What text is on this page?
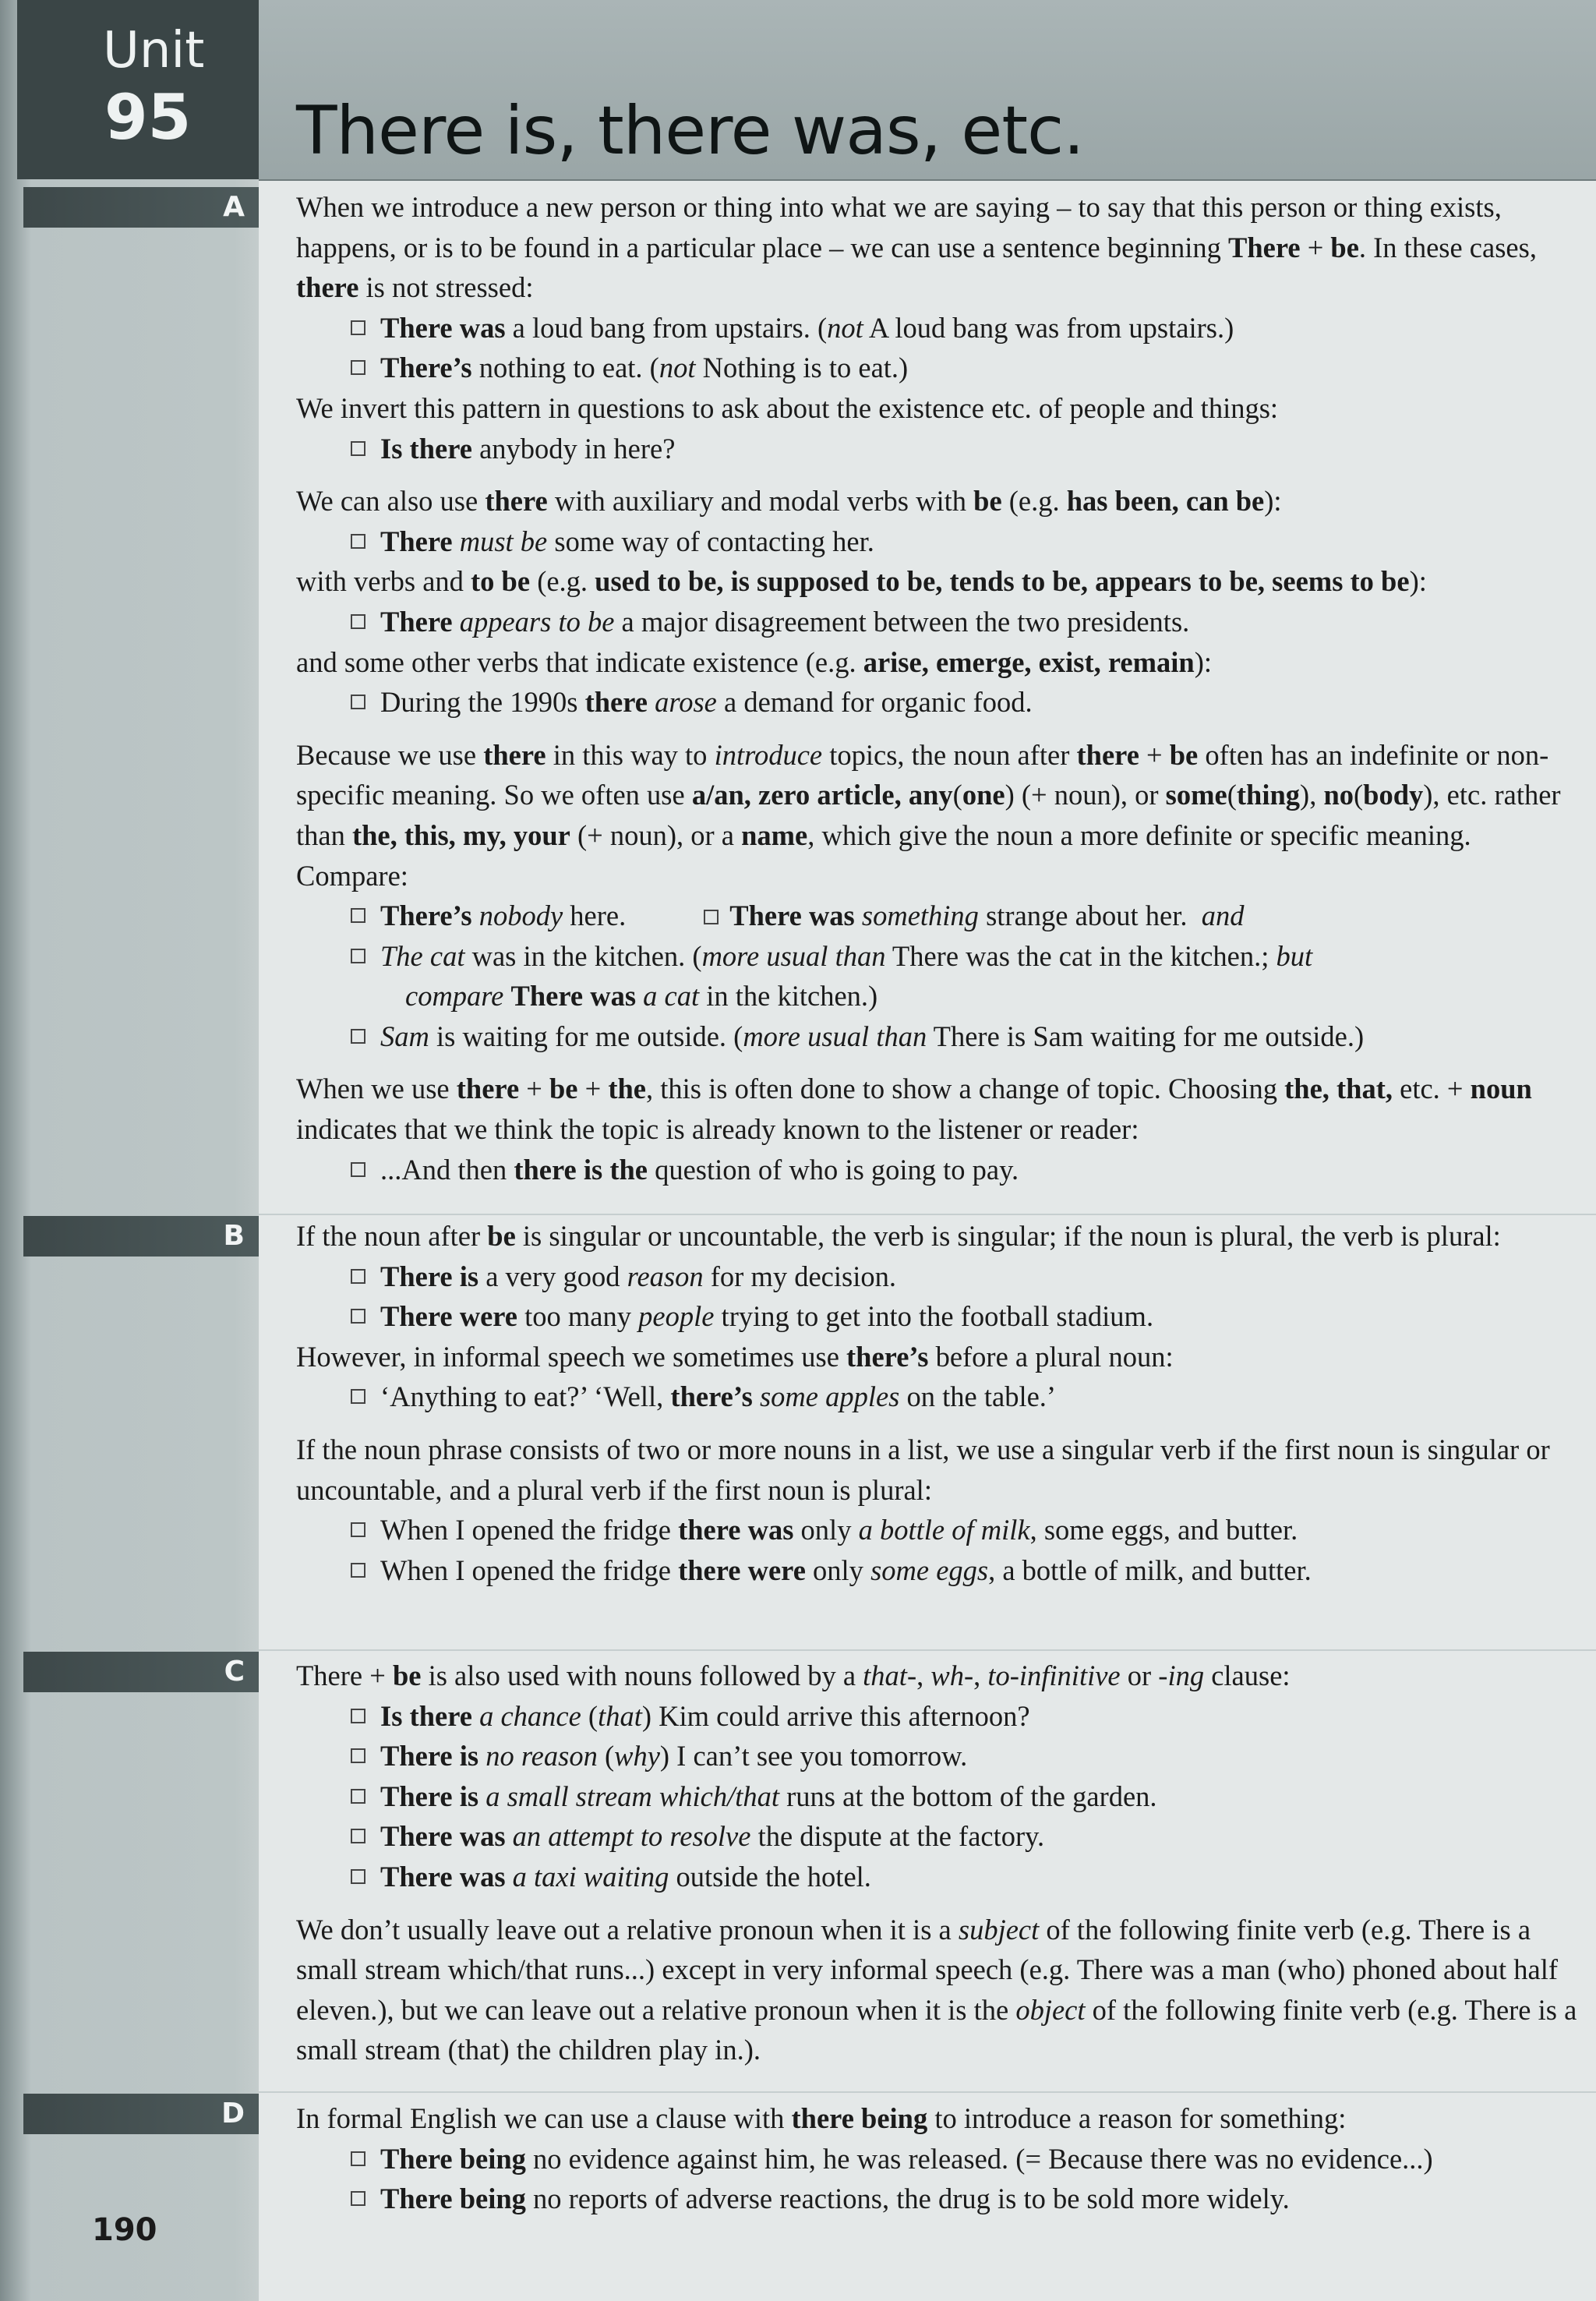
Unit
95 There is, there was, etc.
A
B
C
D
190

When we introduce a new person or thing into what we are saying – to say that this person or thing exists, happens, or is to be found in a particular place – we can use a sentence beginning There + be. In these cases, there is not stressed:

There was a loud bang from upstairs. (not A loud bang was from upstairs.)

There’s nothing to eat. (not Nothing is to eat.)

We invert this pattern in questions to ask about the existence etc. of people and things:

Is there anybody in here?

We can also use there with auxiliary and modal verbs with be (e.g. has been, can be):

There must be some way of contacting her.

with verbs and to be (e.g. used to be, is supposed to be, tends to be, appears to be, seems to be):

There appears to be a major disagreement between the two presidents.

and some other verbs that indicate existence (e.g. arise, emerge, exist, remain):

During the 1990s there arose a demand for organic food.

Because we use there in this way to introduce topics, the noun after there + be often has an indefinite or non-specific meaning. So we often use a/an, zero article, any(one) (+ noun), or some(thing), no(body), etc. rather than the, this, my, your (+ noun), or a name, which give the noun a more definite or specific meaning. Compare:

There’s nobody here.	There was something strange about her.  and

The cat was in the kitchen. (more usual than There was the cat in the kitchen.; but

compare There was a cat in the kitchen.)

Sam is waiting for me outside. (more usual than There is Sam waiting for me outside.)

When we use there + be + the, this is often done to show a change of topic. Choosing the, that, etc. + noun indicates that we think the topic is already known to the listener or reader:

...And then there is the question of who is going to pay.

If the noun after be is singular or uncountable, the verb is singular; if the noun is plural, the verb is plural:

There is a very good reason for my decision.

There were too many people trying to get into the football stadium.

However, in informal speech we sometimes use there’s before a plural noun:

‘Anything to eat?’ ‘Well, there’s some apples on the table.’

If the noun phrase consists of two or more nouns in a list, we use a singular verb if the first noun is singular or uncountable, and a plural verb if the first noun is plural:

When I opened the fridge there was only a bottle of milk, some eggs, and butter.

When I opened the fridge there were only some eggs, a bottle of milk, and butter.

There + be is also used with nouns followed by a that-, wh-, to-infinitive or -ing clause:

Is there a chance (that) Kim could arrive this afternoon?

There is no reason (why) I can’t see you tomorrow.

There is a small stream which/that runs at the bottom of the garden.

There was an attempt to resolve the dispute at the factory.

There was a taxi waiting outside the hotel.

We don’t usually leave out a relative pronoun when it is a subject of the following finite verb (e.g. There is a small stream which/that runs...) except in very informal speech (e.g. There was a man (who) phoned about half eleven.), but we can leave out a relative pronoun when it is the object of the following finite verb (e.g. There is a small stream (that) the children play in.).

In formal English we can use a clause with there being to introduce a reason for something:

There being no evidence against him, he was released. (= Because there was no evidence...)

There being no reports of adverse reactions, the drug is to be sold more widely.
